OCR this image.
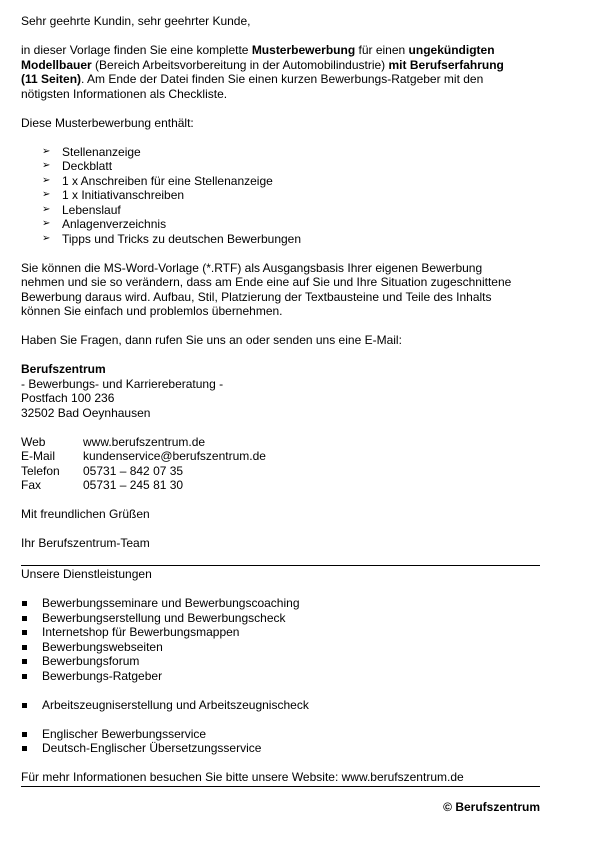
Sehr geehrte Kundin, sehr geehrter Kunde,

in dieser Vorlage finden Sie eine komplette Musterbewerbung für einen ungekündigten
Modellbauer (Bereich Arbeitsvorbereitung in der Automobilindustrie) mit Berufserfahrung
(11 Seiten). Am Ende der Datei finden Sie einen kurzen Bewerbungs-Ratgeber mit den
nötigsten Informationen als Checkliste.

Diese Musterbewerbung enthält:

➢ Stellenanzeige
➢ Deckblatt
➢ 1 x Anschreiben für eine Stellenanzeige
➢ 1 x Initiativanschreiben
➢ Lebenslauf
➢ Anlagenverzeichnis
➢ Tipps und Tricks zu deutschen Bewerbungen

Sie können die MS-Word-Vorlage (*.RTF) als Ausgangsbasis Ihrer eigenen Bewerbung
nehmen und sie so verändern, dass am Ende eine auf Sie und Ihre Situation zugeschnittene
Bewerbung daraus wird. Aufbau, Stil, Platzierung der Textbausteine und Teile des Inhalts
können Sie einfach und problemlos übernehmen.

Haben Sie Fragen, dann rufen Sie uns an oder senden uns eine E-Mail:

Berufszentrum

- Bewerbungs- und Karriereberatung -

Postfach 100 236

32502 Bad Oeynhausen

Web	www.berufszentrum.de
E-Mail	kundenservice@berufszentrum.de
Telefon	05731 – 842 07 35
Fax	05731 – 245 81 30

Mit freundlichen Grüßen

Ihr Berufszentrum-Team

Unsere Dienstleistungen

Bewerbungsseminare und Bewerbungscoaching
Bewerbungserstellung und Bewerbungscheck
Internetshop für Bewerbungsmappen
Bewerbungswebseiten
Bewerbungsforum
Bewerbungs-Ratgeber
Arbeitszeugniserstellung und Arbeitszeugnischeck
Englischer Bewerbungsservice
Deutsch-Englischer Übersetzungsservice

Für mehr Informationen besuchen Sie bitte unsere Website: www.berufszentrum.de

© Berufszentrum
